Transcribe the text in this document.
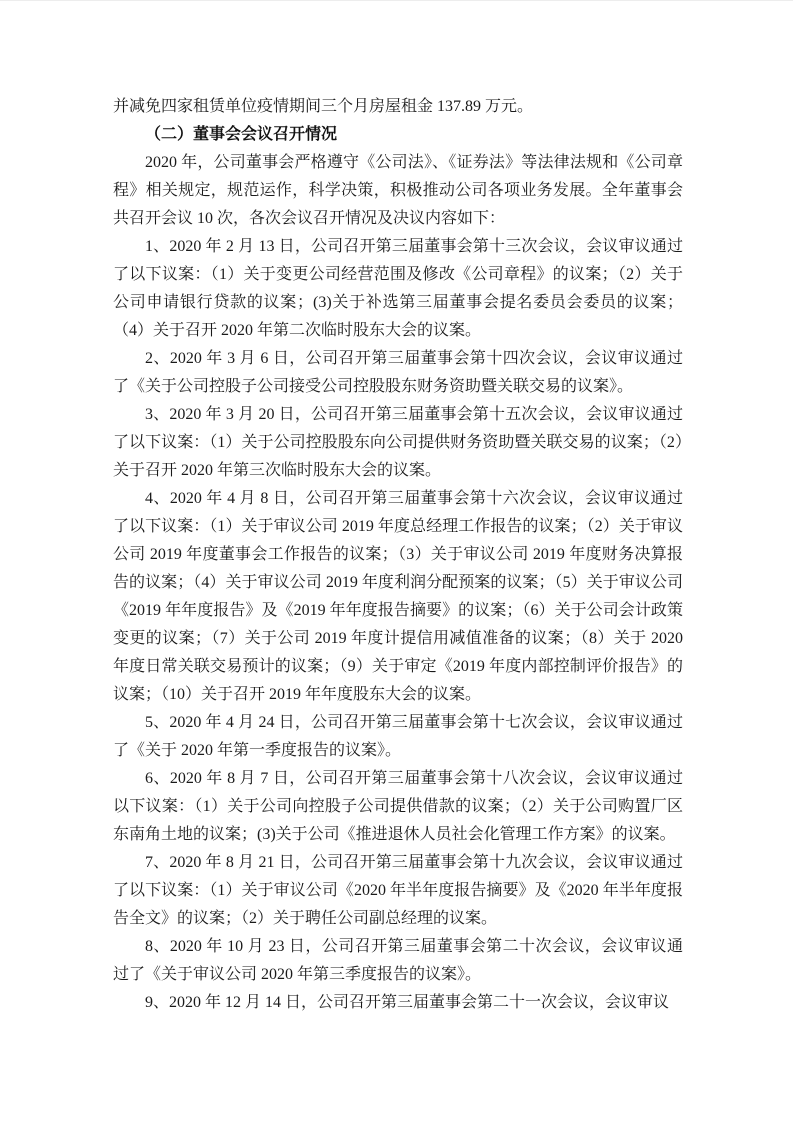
并减免四家租赁单位疫情期间三个月房屋租金 137.89 万元。

（二）董事会会议召开情况

2020 年，公司董事会严格遵守《公司法》、《证券法》等法律法规和《公司章程》相关规定，规范运作，科学决策，积极推动公司各项业务发展。全年董事会共召开会议 10 次，各次会议召开情况及决议内容如下：

1、2020 年 2 月 13 日，公司召开第三届董事会第十三次会议，会议审议通过了以下议案：（1）关于变更公司经营范围及修改《公司章程》的议案；（2）关于公司申请银行贷款的议案；(3)关于补选第三届董事会提名委员会委员的议案；（4）关于召开 2020 年第二次临时股东大会的议案。

2、2020 年 3 月 6 日，公司召开第三届董事会第十四次会议，会议审议通过了《关于公司控股子公司接受公司控股股东财务资助暨关联交易的议案》。

3、2020 年 3 月 20 日，公司召开第三届董事会第十五次会议，会议审议通过了以下议案：（1）关于公司控股股东向公司提供财务资助暨关联交易的议案；（2）关于召开 2020 年第三次临时股东大会的议案。

4、2020 年 4 月 8 日，公司召开第三届董事会第十六次会议，会议审议通过了以下议案：（1）关于审议公司 2019 年度总经理工作报告的议案；（2）关于审议公司 2019 年度董事会工作报告的议案；（3）关于审议公司 2019 年度财务决算报告的议案；（4）关于审议公司 2019 年度利润分配预案的议案；（5）关于审议公司《2019 年年度报告》及《2019 年年度报告摘要》的议案；（6）关于公司会计政策变更的议案；（7）关于公司 2019 年度计提信用减值准备的议案；（8）关于 2020 年度日常关联交易预计的议案；（9）关于审定《2019 年度内部控制评价报告》的议案；（10）关于召开 2019 年年度股东大会的议案。

5、2020 年 4 月 24 日，公司召开第三届董事会第十七次会议，会议审议通过了《关于 2020 年第一季度报告的议案》。

6、2020 年 8 月 7 日，公司召开第三届董事会第十八次会议，会议审议通过以下议案：（1）关于公司向控股子公司提供借款的议案；（2）关于公司购置厂区东南角土地的议案；(3)关于公司《推进退休人员社会化管理工作方案》的议案。

7、2020 年 8 月 21 日，公司召开第三届董事会第十九次会议，会议审议通过了以下议案：（1）关于审议公司《2020 年半年度报告摘要》及《2020 年半年度报告全文》的议案；（2）关于聘任公司副总经理的议案。

8、2020 年 10 月 23 日，公司召开第三届董事会第二十次会议，会议审议通过了《关于审议公司 2020 年第三季度报告的议案》。

9、2020 年 12 月 14 日，公司召开第三届董事会第二十一次会议，会议审议
